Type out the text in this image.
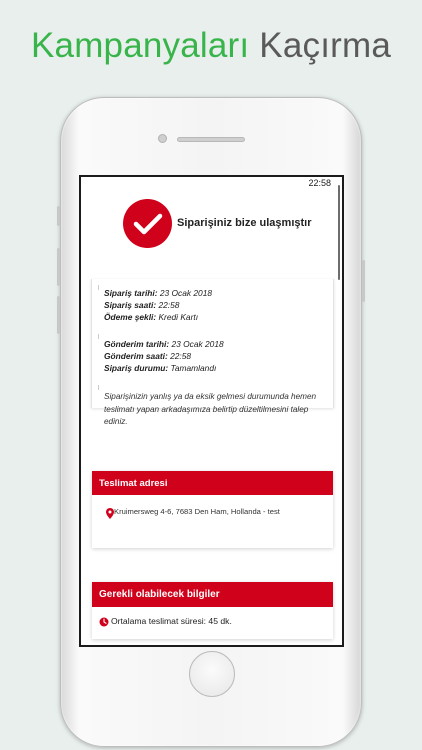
Kampanyaları Kaçırma
22:58
Siparişiniz bize ulaşmıştır
Sipariş tarihi: 23 Ocak 2018
Sipariş saati: 22:58
Ödeme şekli: Kredi Kartı
Gönderim tarihi: 23 Ocak 2018
Gönderim saati: 22:58
Sipariş durumu: Tamamlandı
Siparişinizin yanlış ya da eksik gelmesi durumunda hemen teslimatı yapan arkadaşımıza belirtip düzeltilmesini talep ediniz.
Teslimat adresi
Kruimersweg 4-6, 7683 Den Ham, Hollanda - test
Gerekli olabilecek bilgiler
Ortalama teslimat süresi: 45 dk.
